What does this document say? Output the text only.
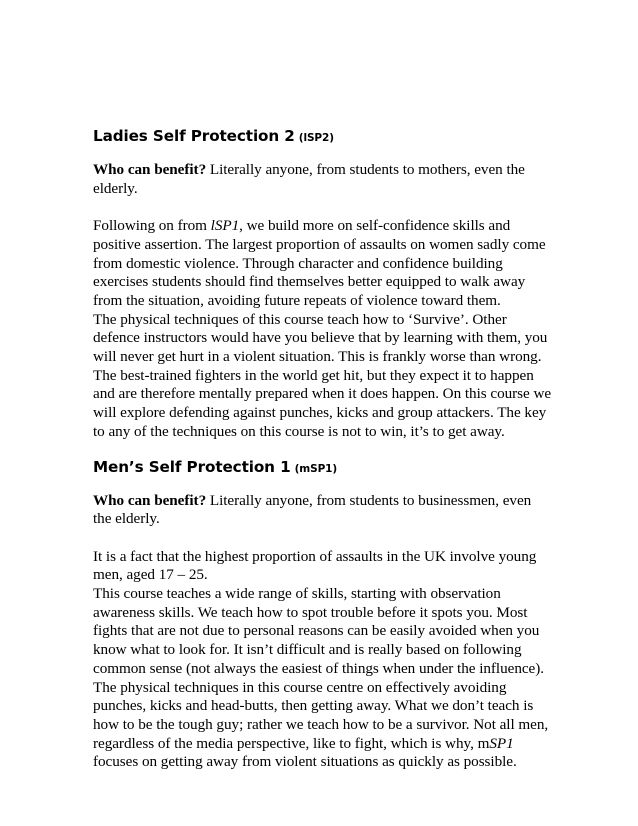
Ladies Self Protection 2 (lSP2)

Who can benefit? Literally anyone, from students to mothers, even the elderly.

Following on from lSP1, we build more on self-confidence skills and positive assertion. The largest proportion of assaults on women sadly come from domestic violence. Through character and confidence building exercises students should find themselves better equipped to walk away from the situation, avoiding future repeats of violence toward them.

The physical techniques of this course teach how to ‘Survive’. Other defence instructors would have you believe that by learning with them, you will never get hurt in a violent situation. This is frankly worse than wrong. The best-trained fighters in the world get hit, but they expect it to happen and are therefore mentally prepared when it does happen. On this course we will explore defending against punches, kicks and group attackers. The key to any of the techniques on this course is not to win, it’s to get away.

Men’s Self Protection 1 (mSP1)

Who can benefit? Literally anyone, from students to businessmen, even the elderly.

It is a fact that the highest proportion of assaults in the UK involve young men, aged 17 – 25.

This course teaches a wide range of skills, starting with observation awareness skills. We teach how to spot trouble before it spots you. Most fights that are not due to personal reasons can be easily avoided when you know what to look for. It isn’t difficult and is really based on following common sense (not always the easiest of things when under the influence). The physical techniques in this course centre on effectively avoiding punches, kicks and head-butts, then getting away. What we don’t teach is how to be the tough guy; rather we teach how to be a survivor. Not all men, regardless of the media perspective, like to fight, which is why, mSP1 focuses on getting away from violent situations as quickly as possible.
